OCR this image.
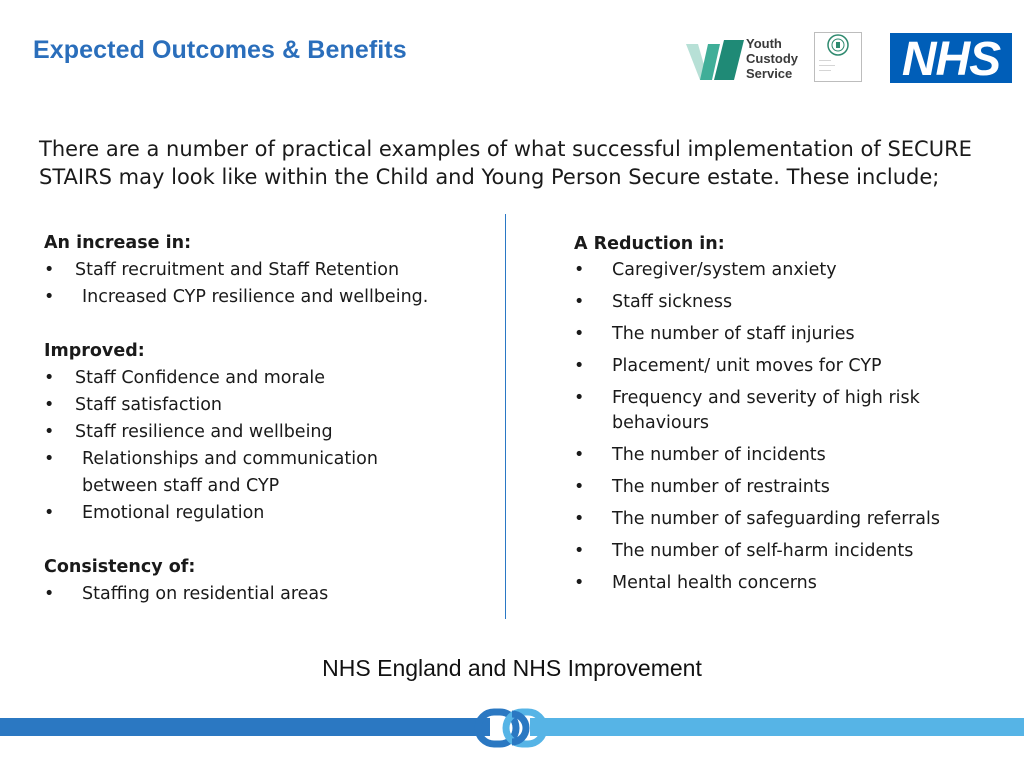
Expected Outcomes & Benefits	Youth
Custody
Service
———
————
——— NHS
There are a number of practical examples of what successful implementation of SECURE STAIRS may look like within the Child and Young Person Secure estate. These include;
An increase in:
•	Staff recruitment and Staff Retention
•	Increased CYP resilience and wellbeing.
Improved:
•	Staff Confidence and morale
•	Staff satisfaction
•	Staff resilience and wellbeing
•	Relationships and communication between staff and CYP
•	Emotional regulation
Consistency of:
•	Staffing on residential areas
A Reduction in:
•	Caregiver/system anxiety
•	Staff sickness
•	The number of staff injuries
•	Placement/ unit moves for CYP
•	Frequency and severity of high risk behaviours
•	The number of incidents
•	The number of restraints
•	The number of safeguarding referrals
•	The number of self-harm incidents
•	Mental health concerns
NHS England and NHS Improvement
